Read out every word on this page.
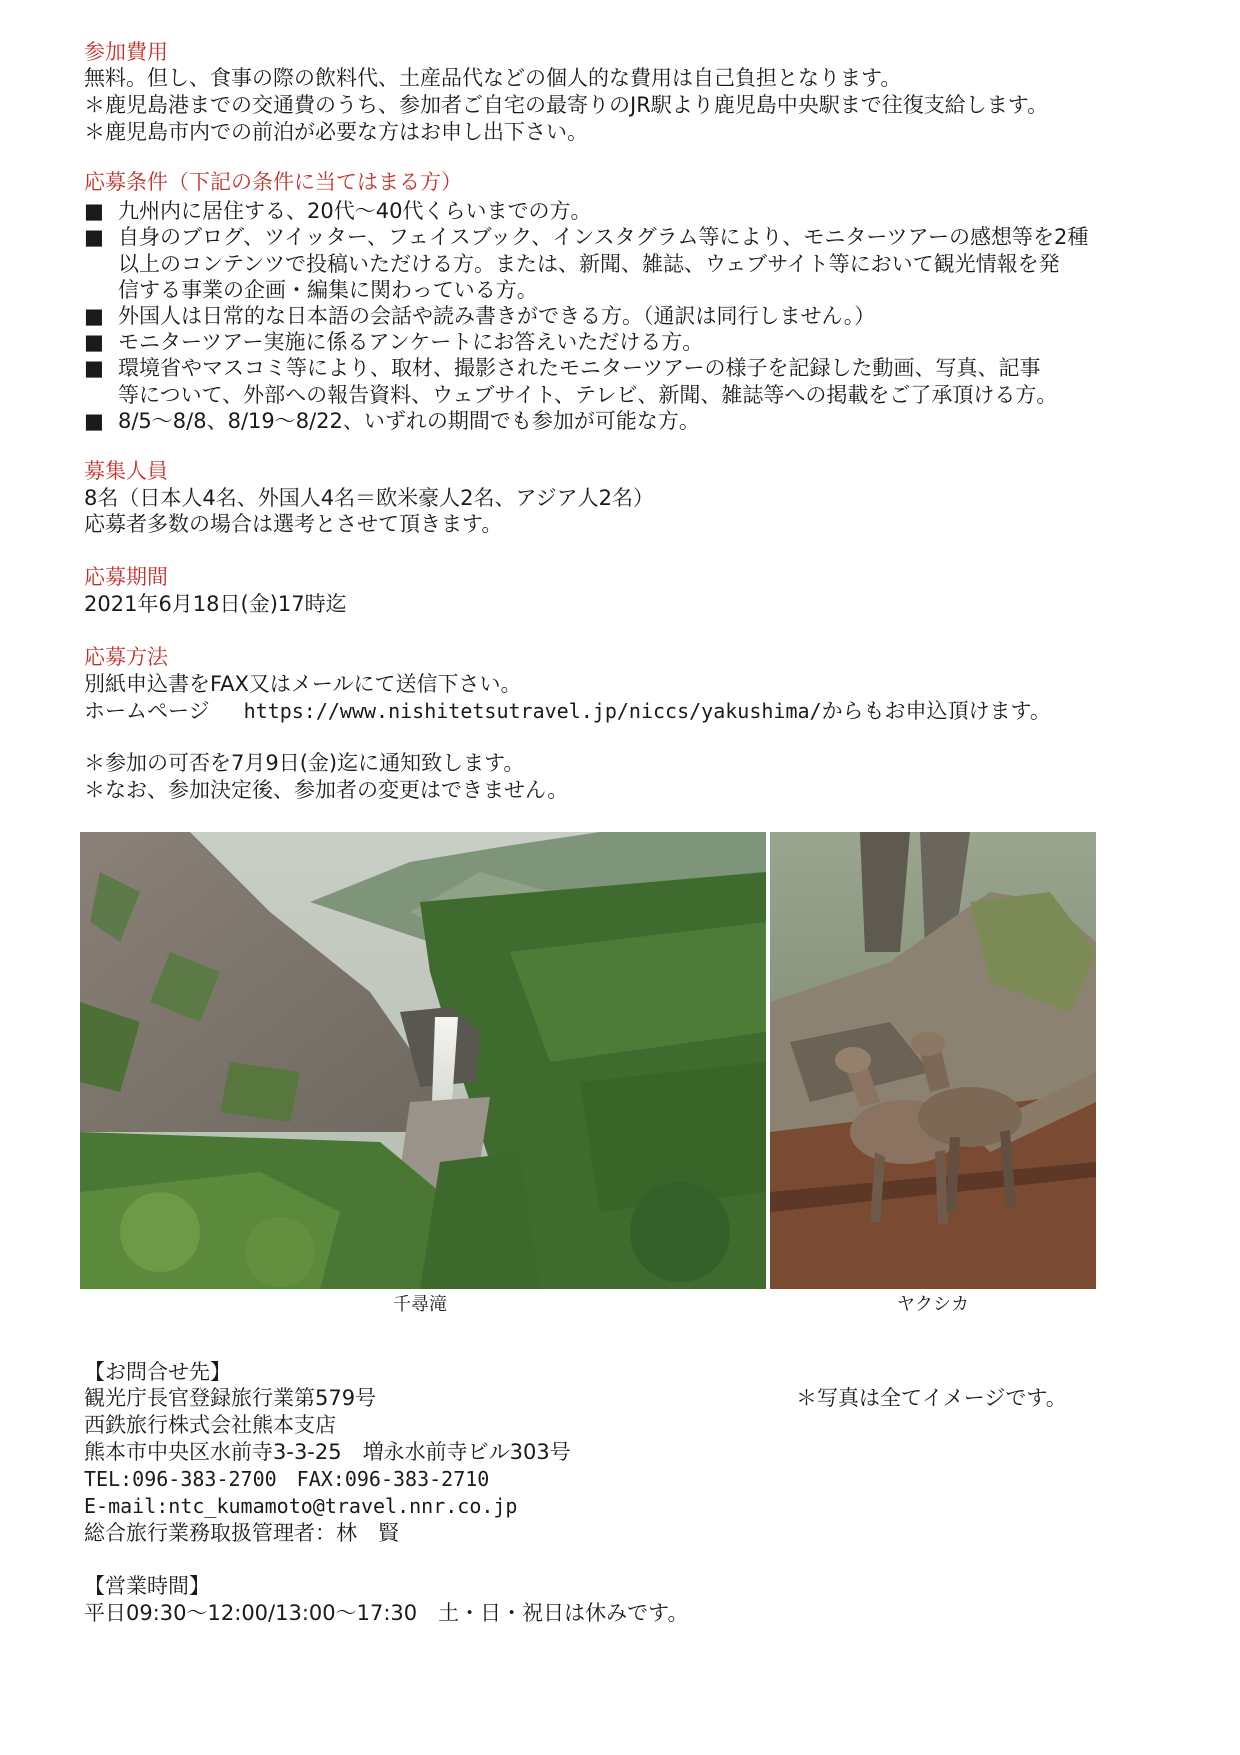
参加費用
無料。但し、食事の際の飲料代、土産品代などの個人的な費用は自己負担となります。
＊鹿児島港までの交通費のうち、参加者ご自宅の最寄りのJR駅より鹿児島中央駅まで往復支給します。
＊鹿児島市内での前泊が必要な方はお申し出下さい。
応募条件（下記の条件に当てはまる方）
■ 九州内に居住する、20代～40代くらいまでの方。
■ 自身のブログ、ツイッター、フェイスブック、インスタグラム等により、モニターツアーの感想等を2種
以上のコンテンツで投稿いただける方。または、新聞、雑誌、ウェブサイト等において観光情報を発
信する事業の企画・編集に関わっている方。
■ 外国人は日常的な日本語の会話や読み書きができる方。（通訳は同行しません。）
■ モニターツアー実施に係るアンケートにお答えいただける方。
■ 環境省やマスコミ等により、取材、撮影されたモニターツアーの様子を記録した動画、写真、記事
等について、外部への報告資料、ウェブサイト、テレビ、新聞、雑誌等への掲載をご了承頂ける方。
■ 8/5～8/8、8/19～8/22、いずれの期間でも参加が可能な方。
募集人員
8名（日本人4名、外国人4名＝欧米豪人2名、アジア人2名）
応募者多数の場合は選考とさせて頂きます。
応募期間
2021年6月18日(金)17時迄
応募方法
別紙申込書をFAX又はメールにて送信下さい。
ホームページ https://www.nishitetsutravel.jp/niccs/yakushima/からもお申込頂けます。
＊参加の可否を7月9日(金)迄に通知致します。
＊なお、参加決定後、参加者の変更はできません。
千尋滝	ヤクシカ
【お問合せ先】
観光庁長官登録旅行業第579号	＊写真は全てイメージです。
西鉄旅行株式会社熊本支店
熊本市中央区水前寺3-3-25　増永水前寺ビル303号
TEL:096-383-2700　FAX:096-383-2710
E-mail:ntc_kumamoto@travel.nnr.co.jp
総合旅行業務取扱管理者：林　賢
【営業時間】
平日09:30～12:00/13:00～17:30　土・日・祝日は休みです。
